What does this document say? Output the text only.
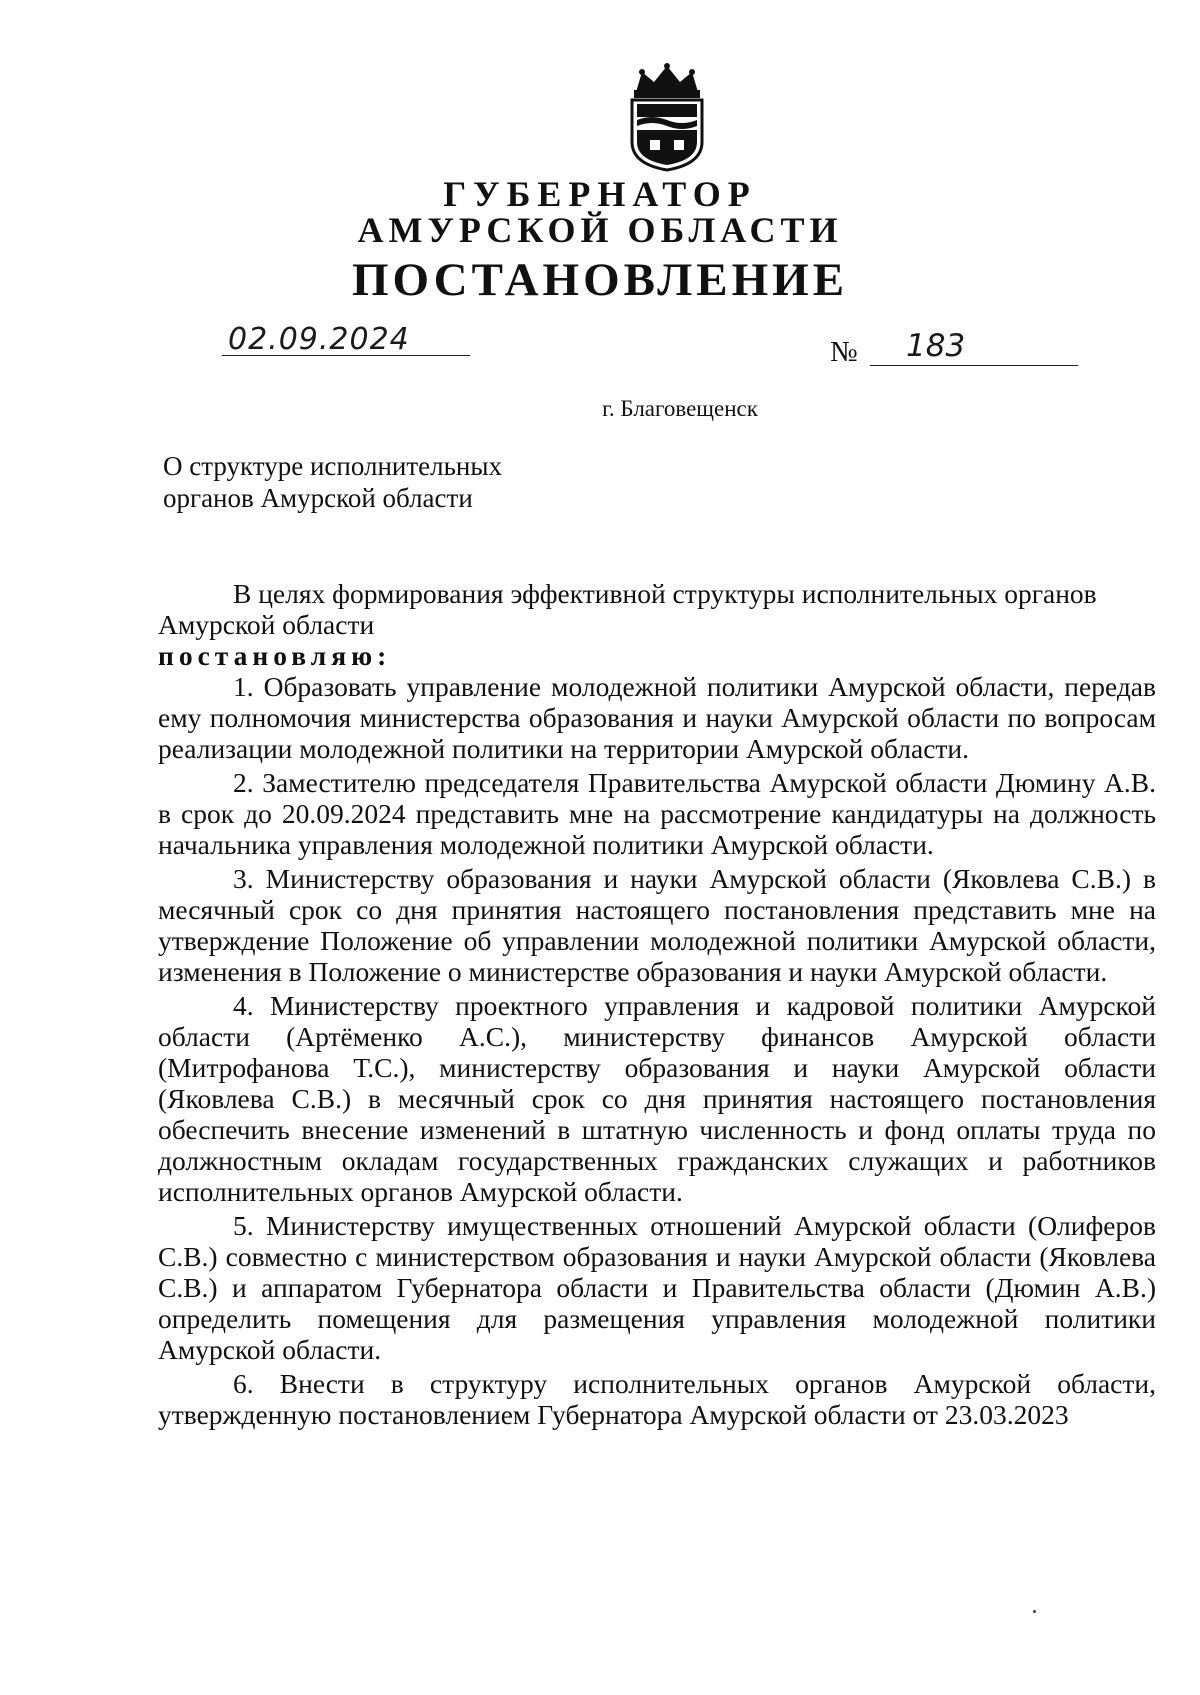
ГУБЕРНАТОР
АМУРСКОЙ ОБЛАСТИ
ПОСТАНОВЛЕНИЕ
02.09.2024	№ 183
г. Благовещенск
О структуре исполнительных
органов Амурской области

В целях формирования эффективной структуры исполнительных органов

Амурской области

постановляю:

1. Образовать управление молодежной политики Амурской области, передав ему полномочия министерства образования и науки Амурской области по вопросам реализации молодежной политики на территории Амурской области.

2. Заместителю председателя Правительства Амурской области Дюмину А.В. в срок до 20.09.2024 представить мне на рассмотрение кандидатуры на должность начальника управления молодежной политики Амурской области.

3. Министерству образования и науки Амурской области (Яковлева С.В.) в месячный срок со дня принятия настоящего постановления представить мне на утверждение Положение об управлении молодежной политики Амурской области, изменения в Положение о министерстве образования и науки Амурской области.

4. Министерству проектного управления и кадровой политики Амурской области (Артёменко А.С.), министерству финансов Амурской области (Митрофанова Т.С.), министерству образования и науки Амурской области (Яковлева С.В.) в месячный срок со дня принятия настоящего постановления обеспечить внесение изменений в штатную численность и фонд оплаты труда по должностным окладам государственных гражданских служащих и работников исполнительных органов Амурской области.

5. Министерству имущественных отношений Амурской области (Олиферов С.В.) совместно с министерством образования и науки Амурской области (Яковлева С.В.) и аппаратом Губернатора области и Правительства области (Дюмин А.В.) определить помещения для размещения управления молодежной политики Амурской области.

6. Внести в структуру исполнительных органов Амурской области, утвержденную постановлением Губернатора Амурской области от 23.03.2023
